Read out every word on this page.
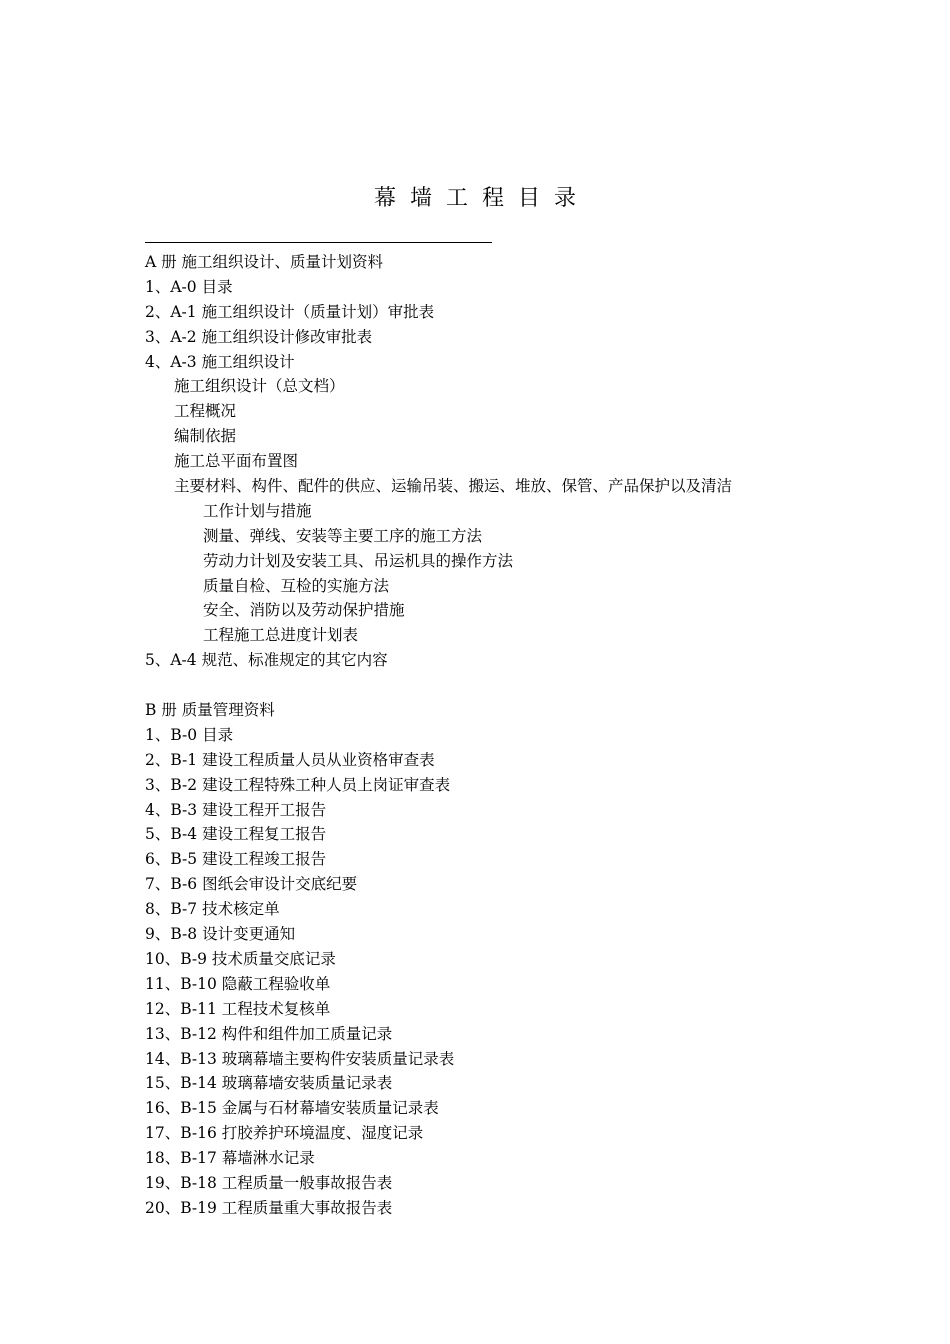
幕墙工程目录
A 册 施工组织设计、质量计划资料
1、A-0 目录
2、A-1 施工组织设计（质量计划）审批表
3、A-2 施工组织设计修改审批表
4、A-3 施工组织设计
施工组织设计（总文档）
工程概况
编制依据
施工总平面布置图
主要材料、构件、配件的供应、运输吊装、搬运、堆放、保管、产品保护以及清洁
工作计划与措施
测量、弹线、安装等主要工序的施工方法
劳动力计划及安装工具、吊运机具的操作方法
质量自检、互检的实施方法
安全、消防以及劳动保护措施
工程施工总进度计划表
5、A-4 规范、标准规定的其它内容
B 册 质量管理资料
1、B-0 目录
2、B-1 建设工程质量人员从业资格审查表
3、B-2 建设工程特殊工种人员上岗证审查表
4、B-3 建设工程开工报告
5、B-4 建设工程复工报告
6、B-5 建设工程竣工报告
7、B-6 图纸会审设计交底纪要
8、B-7 技术核定单
9、B-8 设计变更通知
10、B-9 技术质量交底记录
11、B-10 隐蔽工程验收单
12、B-11 工程技术复核单
13、B-12 构件和组件加工质量记录
14、B-13 玻璃幕墙主要构件安装质量记录表
15、B-14 玻璃幕墙安装质量记录表
16、B-15 金属与石材幕墙安装质量记录表
17、B-16 打胶养护环境温度、湿度记录
18、B-17 幕墙淋水记录
19、B-18 工程质量一般事故报告表
20、B-19 工程质量重大事故报告表
